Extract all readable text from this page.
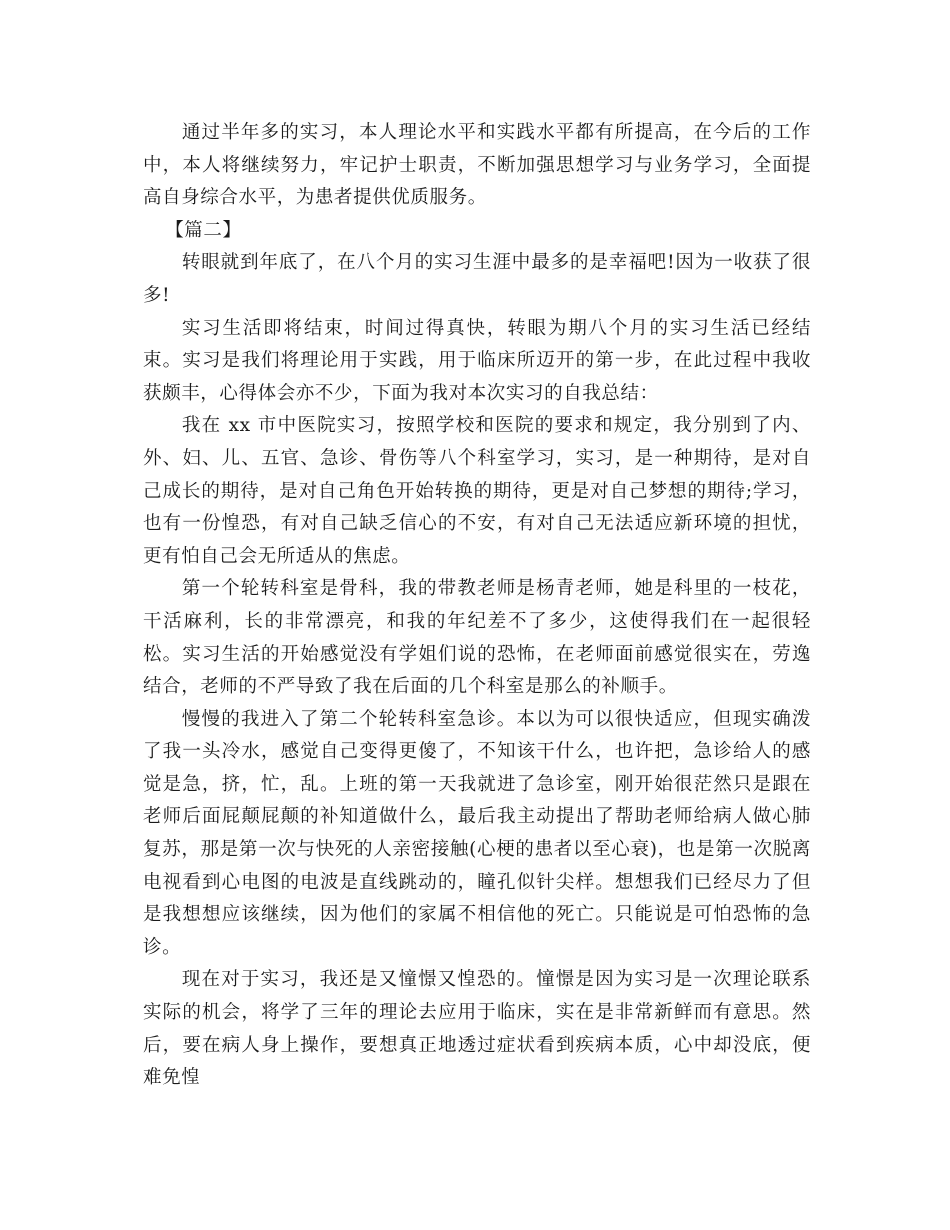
通过半年多的实习，本人理论水平和实践水平都有所提高，在今后的工作中，本人将继续努力，牢记护士职责，不断加强思想学习与业务学习，全面提高自身综合水平，为患者提供优质服务。

【篇二】

转眼就到年底了，在八个月的实习生涯中最多的是幸福吧!因为一收获了很多!

实习生活即将结束，时间过得真快，转眼为期八个月的实习生活已经结束。实习是我们将理论用于实践，用于临床所迈开的第一步，在此过程中我收获颇丰，心得体会亦不少，下面为我对本次实习的自我总结：

我在 xx 市中医院实习，按照学校和医院的要求和规定，我分别到了内、外、妇、儿、五官、急诊、骨伤等八个科室学习，实习，是一种期待，是对自己成长的期待，是对自己角色开始转换的期待，更是对自己梦想的期待;学习，也有一份惶恐，有对自己缺乏信心的不安，有对自己无法适应新环境的担忧，更有怕自己会无所适从的焦虑。

第一个轮转科室是骨科，我的带教老师是杨青老师，她是科里的一枝花，干活麻利，长的非常漂亮，和我的年纪差不了多少，这使得我们在一起很轻松。实习生活的开始感觉没有学姐们说的恐怖，在老师面前感觉很实在，劳逸结合，老师的不严导致了我在后面的几个科室是那么的补顺手。

慢慢的我进入了第二个轮转科室急诊。本以为可以很快适应，但现实确泼了我一头冷水，感觉自己变得更傻了，不知该干什么，也许把，急诊给人的感觉是急，挤，忙，乱。上班的第一天我就进了急诊室，刚开始很茫然只是跟在老师后面屁颠屁颠的补知道做什么，最后我主动提出了帮助老师给病人做心肺复苏，那是第一次与快死的人亲密接触(心梗的患者以至心衰)，也是第一次脱离电视看到心电图的电波是直线跳动的，瞳孔似针尖样。想想我们已经尽力了但是我想想应该继续，因为他们的家属不相信他的死亡。只能说是可怕恐怖的急诊。

现在对于实习，我还是又憧憬又惶恐的。憧憬是因为实习是一次理论联系实际的机会，将学了三年的理论去应用于临床，实在是非常新鲜而有意思。然后，要在病人身上操作，要想真正地透过症状看到疾病本质，心中却没底，便难免惶
